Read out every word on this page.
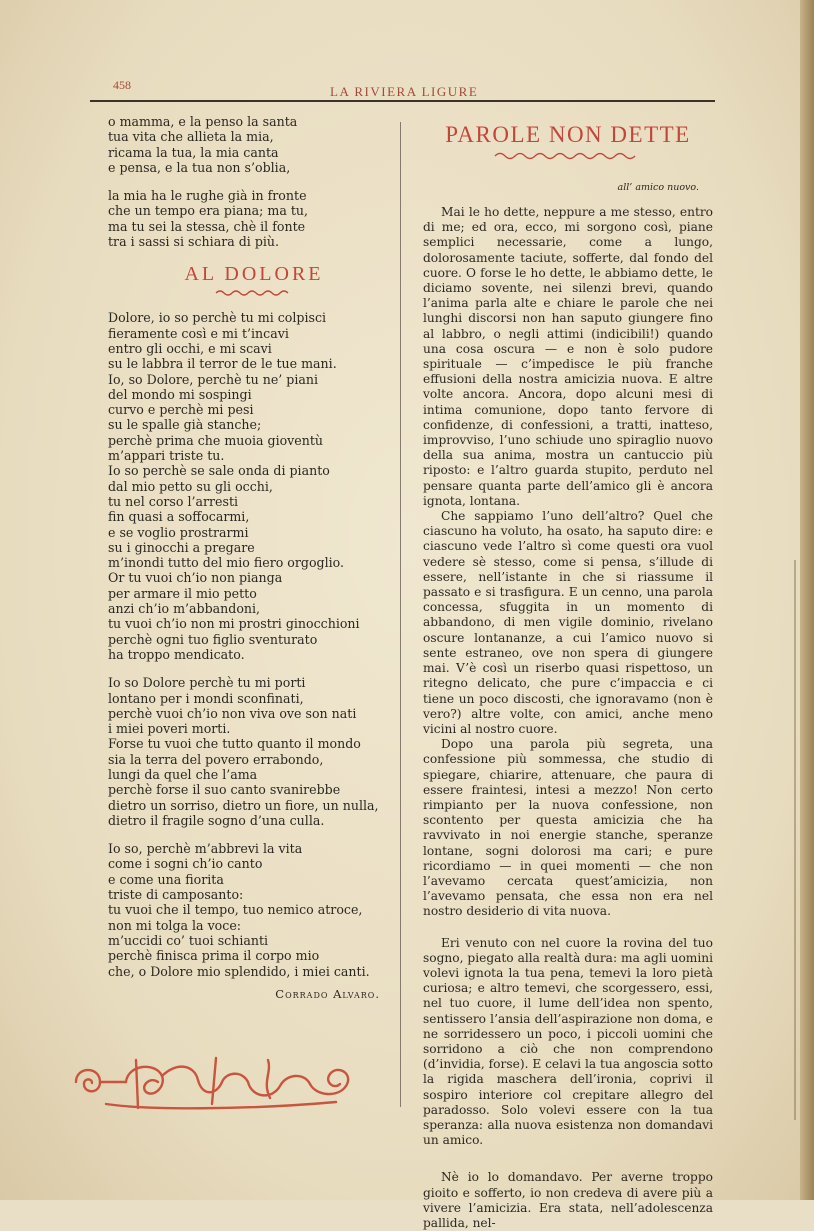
458	LA RIVIERA LIGURE

o mamma, e la penso la santa

tua vita che allieta la mia,

ricama la tua, la mia canta

e pensa, e la tua non s’oblia,

la mia ha le rughe già in fronte

che un tempo era piana; ma tu,

ma tu sei la stessa, chè il fonte

tra i sassi si schiara di più.

AL DOLORE

Dolore, io so perchè tu mi colpisci

fieramente così e mi t’incavi

entro gli occhi, e mi scavi

su le labbra il terror de le tue mani.

Io, so Dolore, perchè tu ne’ piani

del mondo mi sospingi

curvo e perchè mi pesi

su le spalle già stanche;

perchè prima che muoia gioventù

m’appari triste tu.

Io so perchè se sale onda di pianto

dal mio petto su gli occhi,

tu nel corso l’arresti

fin quasi a soffocarmi,

e se voglio prostrarmi

su i ginocchi a pregare

m’inondi tutto del mio fiero orgoglio.

Or tu vuoi ch’io non pianga

per armare il mio petto

anzi ch’io m’abbandoni,

tu vuoi ch’io non mi prostri ginocchioni

perchè ogni tuo figlio sventurato

ha troppo mendicato.

Io so Dolore perchè tu mi porti

lontano per i mondi sconfinati,

perchè vuoi ch’io non viva ove son nati

i miei poveri morti.

Forse tu vuoi che tutto quanto il mondo

sia la terra del povero errabondo,

lungi da quel che l’ama

perchè forse il suo canto svanirebbe

dietro un sorriso, dietro un fiore, un nulla,

dietro il fragile sogno d’una culla.

Io so, perchè m’abbrevi la vita

come i sogni ch’io canto

e come una fiorita

triste di camposanto:

tu vuoi che il tempo, tuo nemico atroce,

non mi tolga la voce:

m’uccidi co’ tuoi schianti

perchè finisca prima il corpo mio

che, o Dolore mio splendido, i miei canti.

Corrado Alvaro.
PAROLE NON DETTE
all’ amico nuovo.

Mai le ho dette, neppure a me stesso, entro di me; ed ora, ecco, mi sorgono così, piane semplici necessarie, come a lungo, dolorosamente taciute, sofferte, dal fondo del cuore. O forse le ho dette, le abbiamo dette, le diciamo sovente, nei silenzi brevi, quando l’anima parla alte e chiare le parole che nei lunghi discorsi non han saputo giungere fino al labbro, o negli attimi (indicibili!) quando una cosa oscura — e non è solo pudore spirituale — c’impedisce le più franche effusioni della nostra amicizia nuova. E altre volte ancora. Ancora, dopo alcuni mesi di intima comunione, dopo tanto fervore di confidenze, di confessioni, a tratti, inatteso, improvviso, l’uno schiude uno spiraglio nuovo della sua anima, mostra un cantuccio più riposto: e l’altro guarda stupito, perduto nel pensare quanta parte dell’amico gli è ancora ignota, lontana.

Che sappiamo l’uno dell’altro? Quel che ciascuno ha voluto, ha osato, ha saputo dire: e ciascuno vede l’altro sì come questi ora vuol vedere sè stesso, come si pensa, s’illude di essere, nell’istante in che si riassume il passato e si trasfigura. E un cenno, una parola concessa, sfuggita in un momento di abbandono, di men vigile dominio, rivelano oscure lontananze, a cui l’amico nuovo si sente estraneo, ove non spera di giungere mai. V’è così un riserbo quasi rispettoso, un ritegno delicato, che pure c’impaccia e ci tiene un poco discosti, che ignoravamo (non è vero?) altre volte, con amici, anche meno vicini al nostro cuore.

Dopo una parola più segreta, una confessione più sommessa, che studio di spiegare, chiarire, attenuare, che paura di essere fraintesi, intesi a mezzo! Non certo rimpianto per la nuova confessione, non scontento per questa amicizia che ha ravvivato in noi energie stanche, speranze lontane, sogni dolorosi ma cari; e pure ricordiamo — in quei momenti — che non l’avevamo cercata quest’amicizia, non l’avevamo pensata, che essa non era nel nostro desiderio di vita nuova.

Eri venuto con nel cuore la rovina del tuo sogno, piegato alla realtà dura: ma agli uomini volevi ignota la tua pena, temevi la loro pietà curiosa; e altro temevi, che scorgessero, essi, nel tuo cuore, il lume dell’idea non spento, sentissero l’ansia dell’aspirazione non doma, e ne sorridessero un poco, i piccoli uomini che sorridono a ciò che non comprendono (d’invidia, forse). E celavi la tua angoscia sotto la rigida maschera dell’ironia, coprivi il sospiro interiore col crepitare allegro del paradosso. Solo volevi essere con la tua speranza: alla nuova esistenza non domandavi un amico.

Nè io lo domandavo. Per averne troppo gioito e sofferto, io non credeva di avere più a vivere l’amicizia. Era stata, nell’adolescenza pallida, nel-
